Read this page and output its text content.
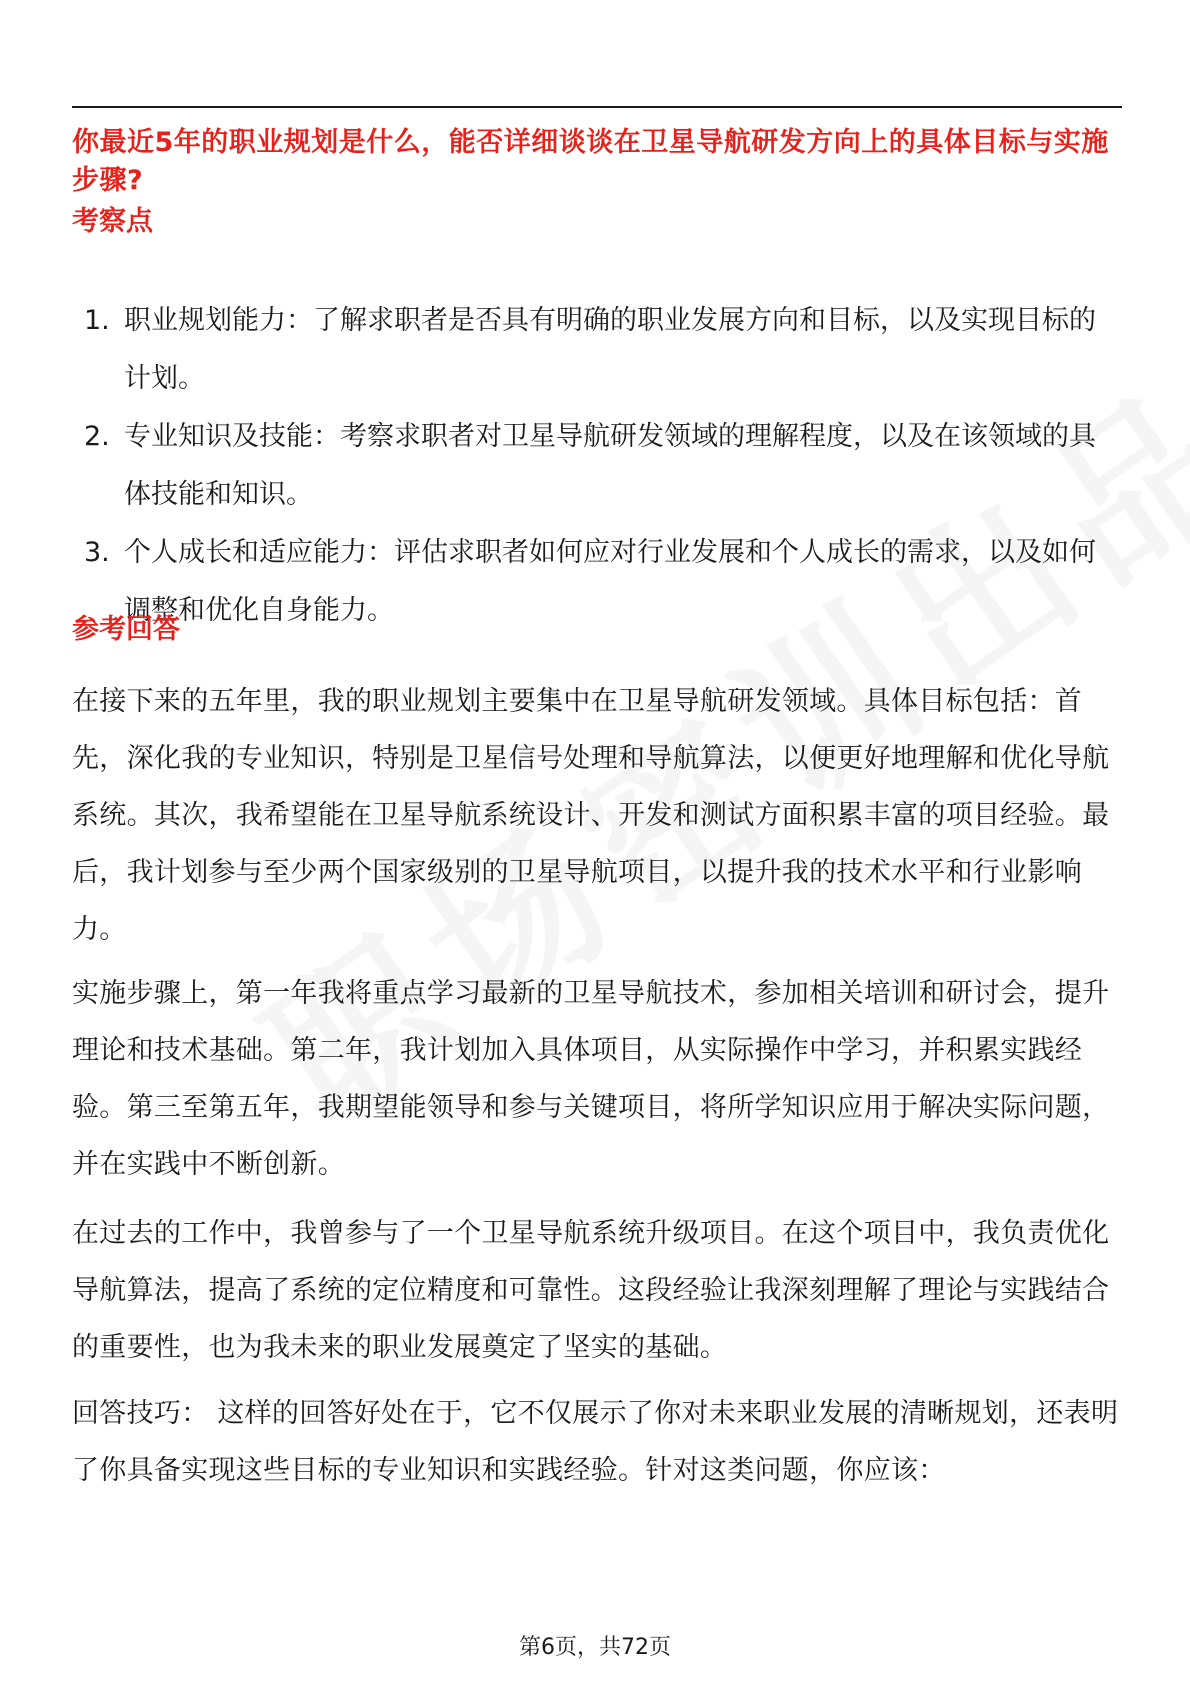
你最近5年的职业规划是什么，能否详细谈谈在卫星导航研发方向上的具体目标与实施步骤?
考察点
1. 职业规划能力：了解求职者是否具有明确的职业发展方向和目标，以及实现目标的计划。
2. 专业知识及技能：考察求职者对卫星导航研发领域的理解程度，以及在该领域的具体技能和知识。
3. 个人成长和适应能力：评估求职者如何应对行业发展和个人成长的需求，以及如何调整和优化自身能力。
参考回答

在接下来的五年里，我的职业规划主要集中在卫星导航研发领域。具体目标包括：首先，深化我的专业知识，特别是卫星信号处理和导航算法，以便更好地理解和优化导航系统。其次，我希望能在卫星导航系统设计、开发和测试方面积累丰富的项目经验。最后，我计划参与至少两个国家级别的卫星导航项目，以提升我的技术水平和行业影响力。

实施步骤上，第一年我将重点学习最新的卫星导航技术，参加相关培训和研讨会，提升理论和技术基础。第二年，我计划加入具体项目，从实际操作中学习，并积累实践经验。第三至第五年，我期望能领导和参与关键项目，将所学知识应用于解决实际问题，并在实践中不断创新。

在过去的工作中，我曾参与了一个卫星导航系统升级项目。在这个项目中，我负责优化导航算法，提高了系统的定位精度和可靠性。这段经验让我深刻理解了理论与实践结合的重要性，也为我未来的职业发展奠定了坚实的基础。

回答技巧： 这样的回答好处在于，它不仅展示了你对未来职业发展的清晰规划，还表明了你具备实现这些目标的专业知识和实践经验。针对这类问题，你应该：

第6页，共72页
